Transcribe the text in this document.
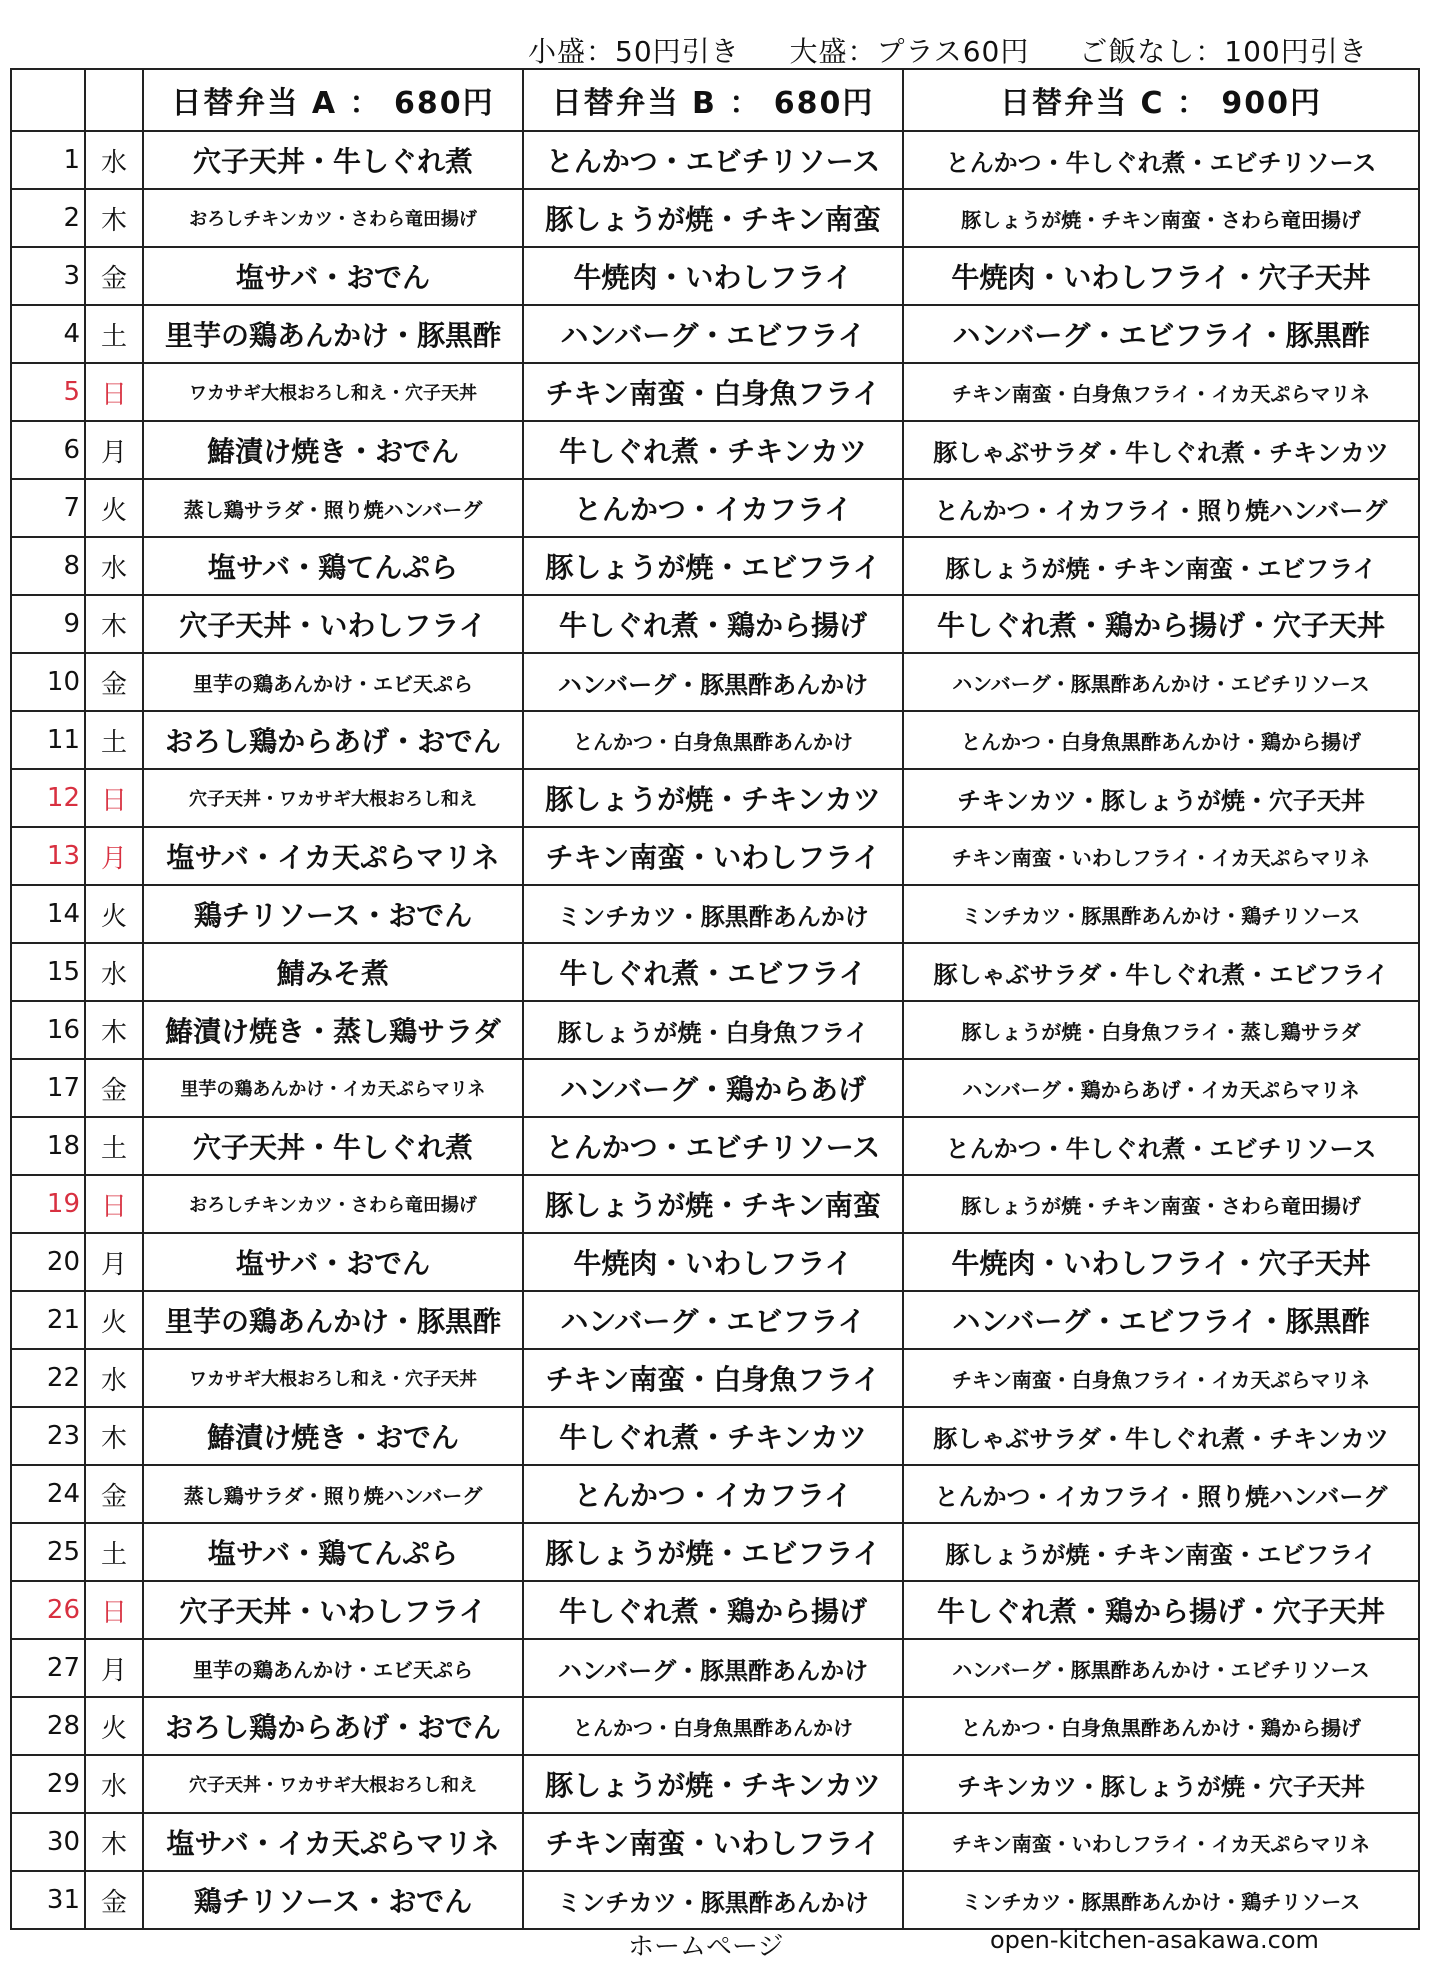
小盛：50円引き 大盛：プラス60円 ご飯なし：100円引き
		日替弁当 A ： 680円	日替弁当 B ： 680円	日替弁当 C ： 900円
1	水	穴子天丼・牛しぐれ煮	とんかつ・エビチリソース	とんかつ・牛しぐれ煮・エビチリソース
2	木	おろしチキンカツ・さわら竜田揚げ	豚しょうが焼・チキン南蛮	豚しょうが焼・チキン南蛮・さわら竜田揚げ
3	金	塩サバ・おでん	牛焼肉・いわしフライ	牛焼肉・いわしフライ・穴子天丼
4	土	里芋の鶏あんかけ・豚黒酢	ハンバーグ・エビフライ	ハンバーグ・エビフライ・豚黒酢
5	日	ワカサギ大根おろし和え・穴子天丼	チキン南蛮・白身魚フライ	チキン南蛮・白身魚フライ・イカ天ぷらマリネ
6	月	鰆漬け焼き・おでん	牛しぐれ煮・チキンカツ	豚しゃぶサラダ・牛しぐれ煮・チキンカツ
7	火	蒸し鶏サラダ・照り焼ハンバーグ	とんかつ・イカフライ	とんかつ・イカフライ・照り焼ハンバーグ
8	水	塩サバ・鶏てんぷら	豚しょうが焼・エビフライ	豚しょうが焼・チキン南蛮・エビフライ
9	木	穴子天丼・いわしフライ	牛しぐれ煮・鶏から揚げ	牛しぐれ煮・鶏から揚げ・穴子天丼
10	金	里芋の鶏あんかけ・エビ天ぷら	ハンバーグ・豚黒酢あんかけ	ハンバーグ・豚黒酢あんかけ・エビチリソース
11	土	おろし鶏からあげ・おでん	とんかつ・白身魚黒酢あんかけ	とんかつ・白身魚黒酢あんかけ・鶏から揚げ
12	日	穴子天丼・ワカサギ大根おろし和え	豚しょうが焼・チキンカツ	チキンカツ・豚しょうが焼・穴子天丼
13	月	塩サバ・イカ天ぷらマリネ	チキン南蛮・いわしフライ	チキン南蛮・いわしフライ・イカ天ぷらマリネ
14	火	鶏チリソース・おでん	ミンチカツ・豚黒酢あんかけ	ミンチカツ・豚黒酢あんかけ・鶏チリソース
15	水	鯖みそ煮	牛しぐれ煮・エビフライ	豚しゃぶサラダ・牛しぐれ煮・エビフライ
16	木	鰆漬け焼き・蒸し鶏サラダ	豚しょうが焼・白身魚フライ	豚しょうが焼・白身魚フライ・蒸し鶏サラダ
17	金	里芋の鶏あんかけ・イカ天ぷらマリネ	ハンバーグ・鶏からあげ	ハンバーグ・鶏からあげ・イカ天ぷらマリネ
18	土	穴子天丼・牛しぐれ煮	とんかつ・エビチリソース	とんかつ・牛しぐれ煮・エビチリソース
19	日	おろしチキンカツ・さわら竜田揚げ	豚しょうが焼・チキン南蛮	豚しょうが焼・チキン南蛮・さわら竜田揚げ
20	月	塩サバ・おでん	牛焼肉・いわしフライ	牛焼肉・いわしフライ・穴子天丼
21	火	里芋の鶏あんかけ・豚黒酢	ハンバーグ・エビフライ	ハンバーグ・エビフライ・豚黒酢
22	水	ワカサギ大根おろし和え・穴子天丼	チキン南蛮・白身魚フライ	チキン南蛮・白身魚フライ・イカ天ぷらマリネ
23	木	鰆漬け焼き・おでん	牛しぐれ煮・チキンカツ	豚しゃぶサラダ・牛しぐれ煮・チキンカツ
24	金	蒸し鶏サラダ・照り焼ハンバーグ	とんかつ・イカフライ	とんかつ・イカフライ・照り焼ハンバーグ
25	土	塩サバ・鶏てんぷら	豚しょうが焼・エビフライ	豚しょうが焼・チキン南蛮・エビフライ
26	日	穴子天丼・いわしフライ	牛しぐれ煮・鶏から揚げ	牛しぐれ煮・鶏から揚げ・穴子天丼
27	月	里芋の鶏あんかけ・エビ天ぷら	ハンバーグ・豚黒酢あんかけ	ハンバーグ・豚黒酢あんかけ・エビチリソース
28	火	おろし鶏からあげ・おでん	とんかつ・白身魚黒酢あんかけ	とんかつ・白身魚黒酢あんかけ・鶏から揚げ
29	水	穴子天丼・ワカサギ大根おろし和え	豚しょうが焼・チキンカツ	チキンカツ・豚しょうが焼・穴子天丼
30	木	塩サバ・イカ天ぷらマリネ	チキン南蛮・いわしフライ	チキン南蛮・いわしフライ・イカ天ぷらマリネ
31	金	鶏チリソース・おでん	ミンチカツ・豚黒酢あんかけ	ミンチカツ・豚黒酢あんかけ・鶏チリソース
ホームページ	open-kitchen-asakawa.com
